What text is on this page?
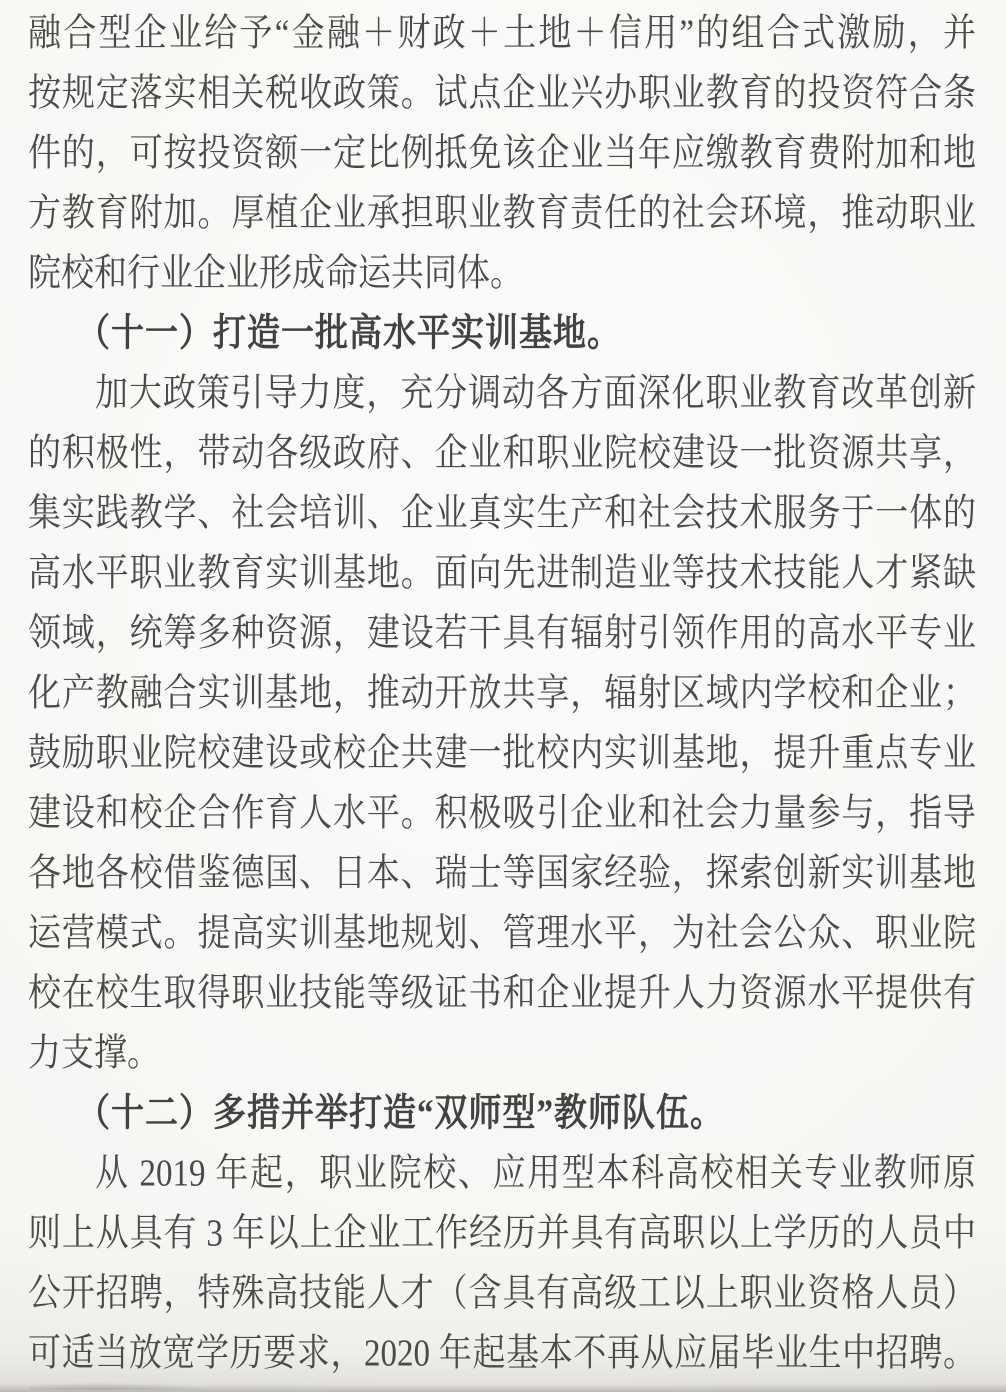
融合型企业给予“金融＋财政＋土地＋信用”的组合式激励，并
按规定落实相关税收政策。试点企业兴办职业教育的投资符合条
件的，可按投资额一定比例抵免该企业当年应缴教育费附加和地
方教育附加。厚植企业承担职业教育责任的社会环境，推动职业
院校和行业企业形成命运共同体。
（十一）打造一批高水平实训基地。
加大政策引导力度，充分调动各方面深化职业教育改革创新
的积极性，带动各级政府、企业和职业院校建设一批资源共享，
集实践教学、社会培训、企业真实生产和社会技术服务于一体的
高水平职业教育实训基地。面向先进制造业等技术技能人才紧缺
领域，统筹多种资源，建设若干具有辐射引领作用的高水平专业
化产教融合实训基地，推动开放共享，辐射区域内学校和企业；
鼓励职业院校建设或校企共建一批校内实训基地，提升重点专业
建设和校企合作育人水平。积极吸引企业和社会力量参与，指导
各地各校借鉴德国、日本、瑞士等国家经验，探索创新实训基地
运营模式。提高实训基地规划、管理水平，为社会公众、职业院
校在校生取得职业技能等级证书和企业提升人力资源水平提供有
力支撑。
（十二）多措并举打造“双师型”教师队伍。
从 2019 年起，职业院校、应用型本科高校相关专业教师原
则上从具有 3 年以上企业工作经历并具有高职以上学历的人员中
公开招聘，特殊高技能人才（含具有高级工以上职业资格人员）
可适当放宽学历要求，2020 年起基本不再从应届毕业生中招聘。
